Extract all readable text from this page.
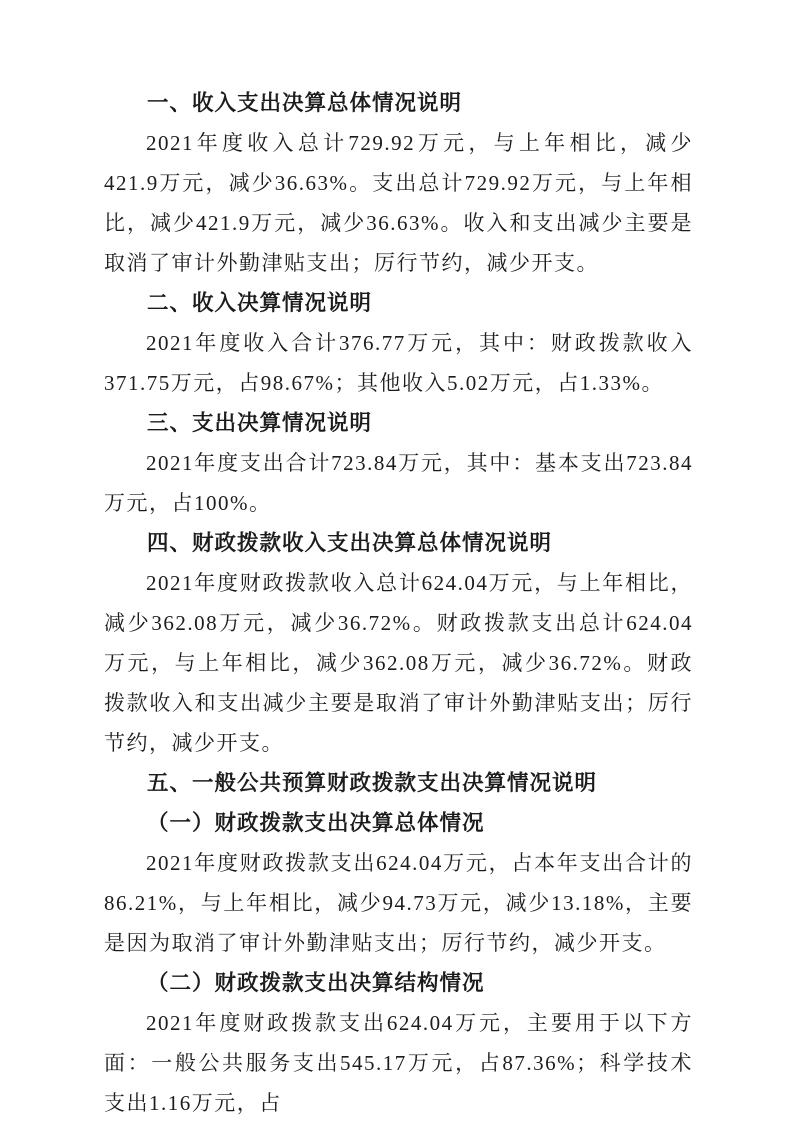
一、收入支出决算总体情况说明

2021年度收入总计729.92万元，与上年相比，减少421.9万元，减少36.63%。支出总计729.92万元，与上年相比，减少421.9万元，减少36.63%。收入和支出减少主要是取消了审计外勤津贴支出；厉行节约，减少开支。

二、收入决算情况说明

2021年度收入合计376.77万元，其中：财政拨款收入371.75万元，占98.67%；其他收入5.02万元，占1.33%。

三、支出决算情况说明

2021年度支出合计723.84万元，其中：基本支出723.84万元，占100%。

四、财政拨款收入支出决算总体情况说明

2021年度财政拨款收入总计624.04万元，与上年相比，减少362.08万元，减少36.72%。财政拨款支出总计624.04万元，与上年相比，减少362.08万元，减少36.72%。财政拨款收入和支出减少主要是取消了审计外勤津贴支出；厉行节约，减少开支。

五、一般公共预算财政拨款支出决算情况说明
（一）财政拨款支出决算总体情况

2021年度财政拨款支出624.04万元，占本年支出合计的86.21%，与上年相比，减少94.73万元，减少13.18%，主要是因为取消了审计外勤津贴支出；厉行节约，减少开支。

（二）财政拨款支出决算结构情况

2021年度财政拨款支出624.04万元，主要用于以下方面：一般公共服务支出545.17万元，占87.36%；科学技术支出1.16万元，占
